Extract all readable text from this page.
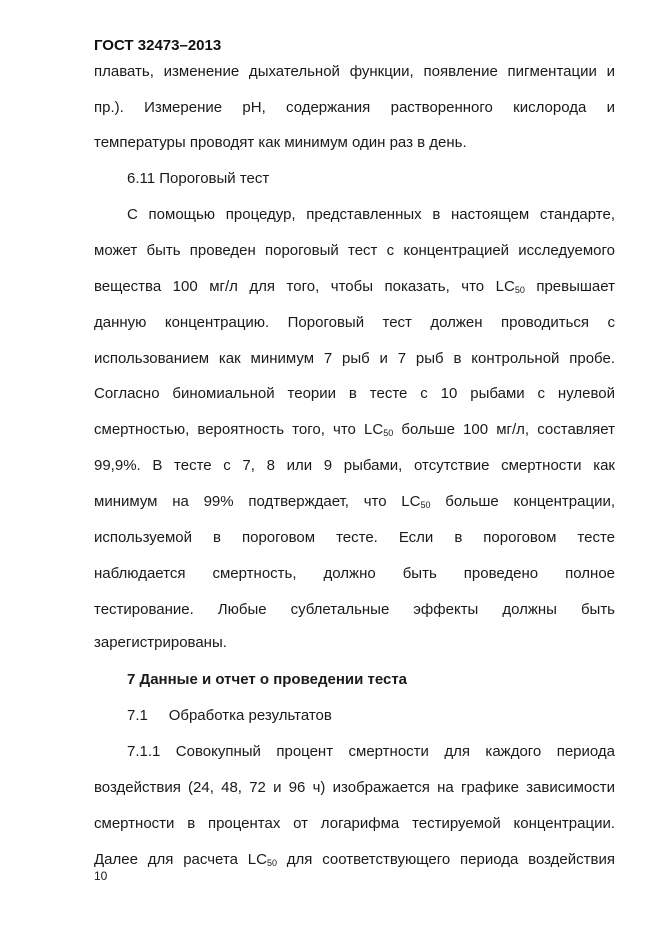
ГОСТ 32473–2013
плавать, изменение дыхательной функции, появление пигментации и
пр.). Измерение рН, содержания растворенного кислорода и
температуры проводят как минимум один раз в день.
6.11 Пороговый тест
С помощью процедур, представленных в настоящем стандарте,
может быть проведен пороговый тест с концентрацией исследуемого
вещества 100 мг/л для того, чтобы показать, что $LC_{50}$ превышает
данную концентрацию. Пороговый тест должен проводиться с
использованием как минимум 7 рыб и 7 рыб в контрольной пробе.
Согласно биномиальной теории в тесте с 10 рыбами с нулевой
смертностью, вероятность того, что $LC_{50}$ больше 100 мг/л, составляет
99,9%. В тесте с 7, 8 или 9 рыбами, отсутствие смертности как
минимум на 99% подтверждает, что $LC_{50}$ больше концентрации,
используемой в пороговом тесте. Если в пороговом тесте
наблюдается смертность, должно быть проведено полное
тестирование. Любые сублетальные эффекты должны быть
зарегистрированы.
7 Данные и отчет о проведении теста
7.1     Обработка результатов
7.1.1 Совокупный процент смертности для каждого периода
воздействия (24, 48, 72 и 96 ч) изображается на графике зависимости
смертности в процентах от логарифма тестируемой концентрации.
Далее для расчета $LC_{50}$ для соответствующего периода воздействия
10
